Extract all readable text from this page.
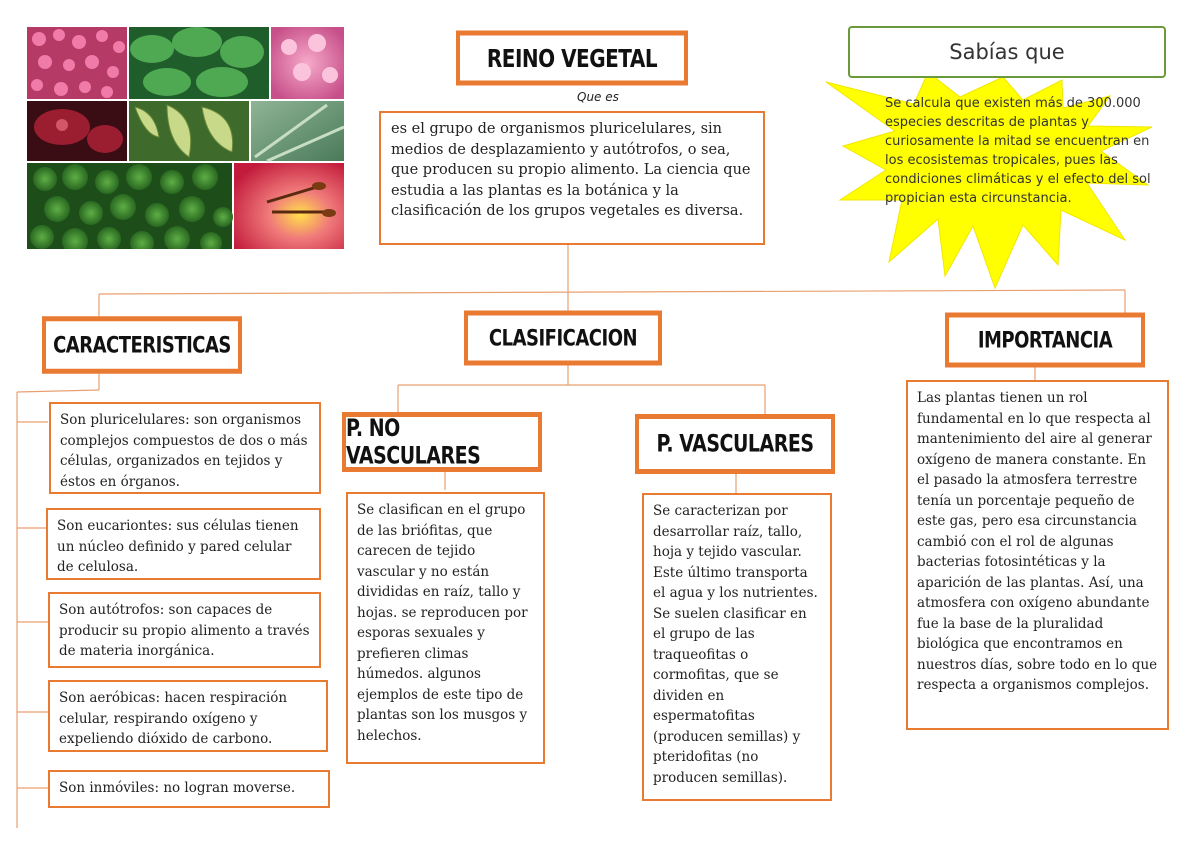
REINO VEGETAL
Que es
es el grupo de organismos pluricelulares, sin medios de desplazamiento y autótrofos, o sea, que producen su propio alimento. La ciencia que estudia a las plantas es la botánica y la clasificación de los grupos vegetales es diversa.
Sabías que
Se calcula que existen más de 300.000 especies descritas de plantas y curiosamente la mitad se encuentran en los ecosistemas tropicales, pues las condiciones climáticas y el efecto del sol propician esta circunstancia.
CARACTERISTICAS
Son pluricelulares: son organismos complejos compuestos de dos o más células, organizados en tejidos y éstos en órganos.
Son eucariontes: sus células tienen un núcleo definido y pared celular de celulosa.
Son autótrofos: son capaces de producir su propio alimento a través de materia inorgánica.
Son aeróbicas: hacen respiración celular, respirando oxígeno y expeliendo dióxido de carbono.
Son inmóviles: no logran moverse.
CLASIFICACION
P. NO VASCULARES
Se clasifican en el grupo de las briófitas, que carecen de tejido vascular y no están divididas en raíz, tallo y hojas. se reproducen por esporas sexuales y prefieren climas húmedos. algunos ejemplos de este tipo de plantas son los musgos y helechos.
P. VASCULARES
Se caracterizan por desarrollar raíz, tallo, hoja y tejido vascular. Este último transporta el agua y los nutrientes. Se suelen clasificar en el grupo de las traqueofitas o cormofitas, que se dividen en espermatofitas (producen semillas) y pteridofitas (no producen semillas).
IMPORTANCIA
Las plantas tienen un rol fundamental en lo que respecta al mantenimiento del aire al generar oxígeno de manera constante. En el pasado la atmosfera terrestre tenía un porcentaje pequeño de este gas, pero esa circunstancia cambió con el rol de algunas bacterias fotosintéticas y la aparición de las plantas. Así, una atmosfera con oxígeno abundante fue la base de la pluralidad biológica que encontramos en nuestros días, sobre todo en lo que respecta a organismos complejos.
